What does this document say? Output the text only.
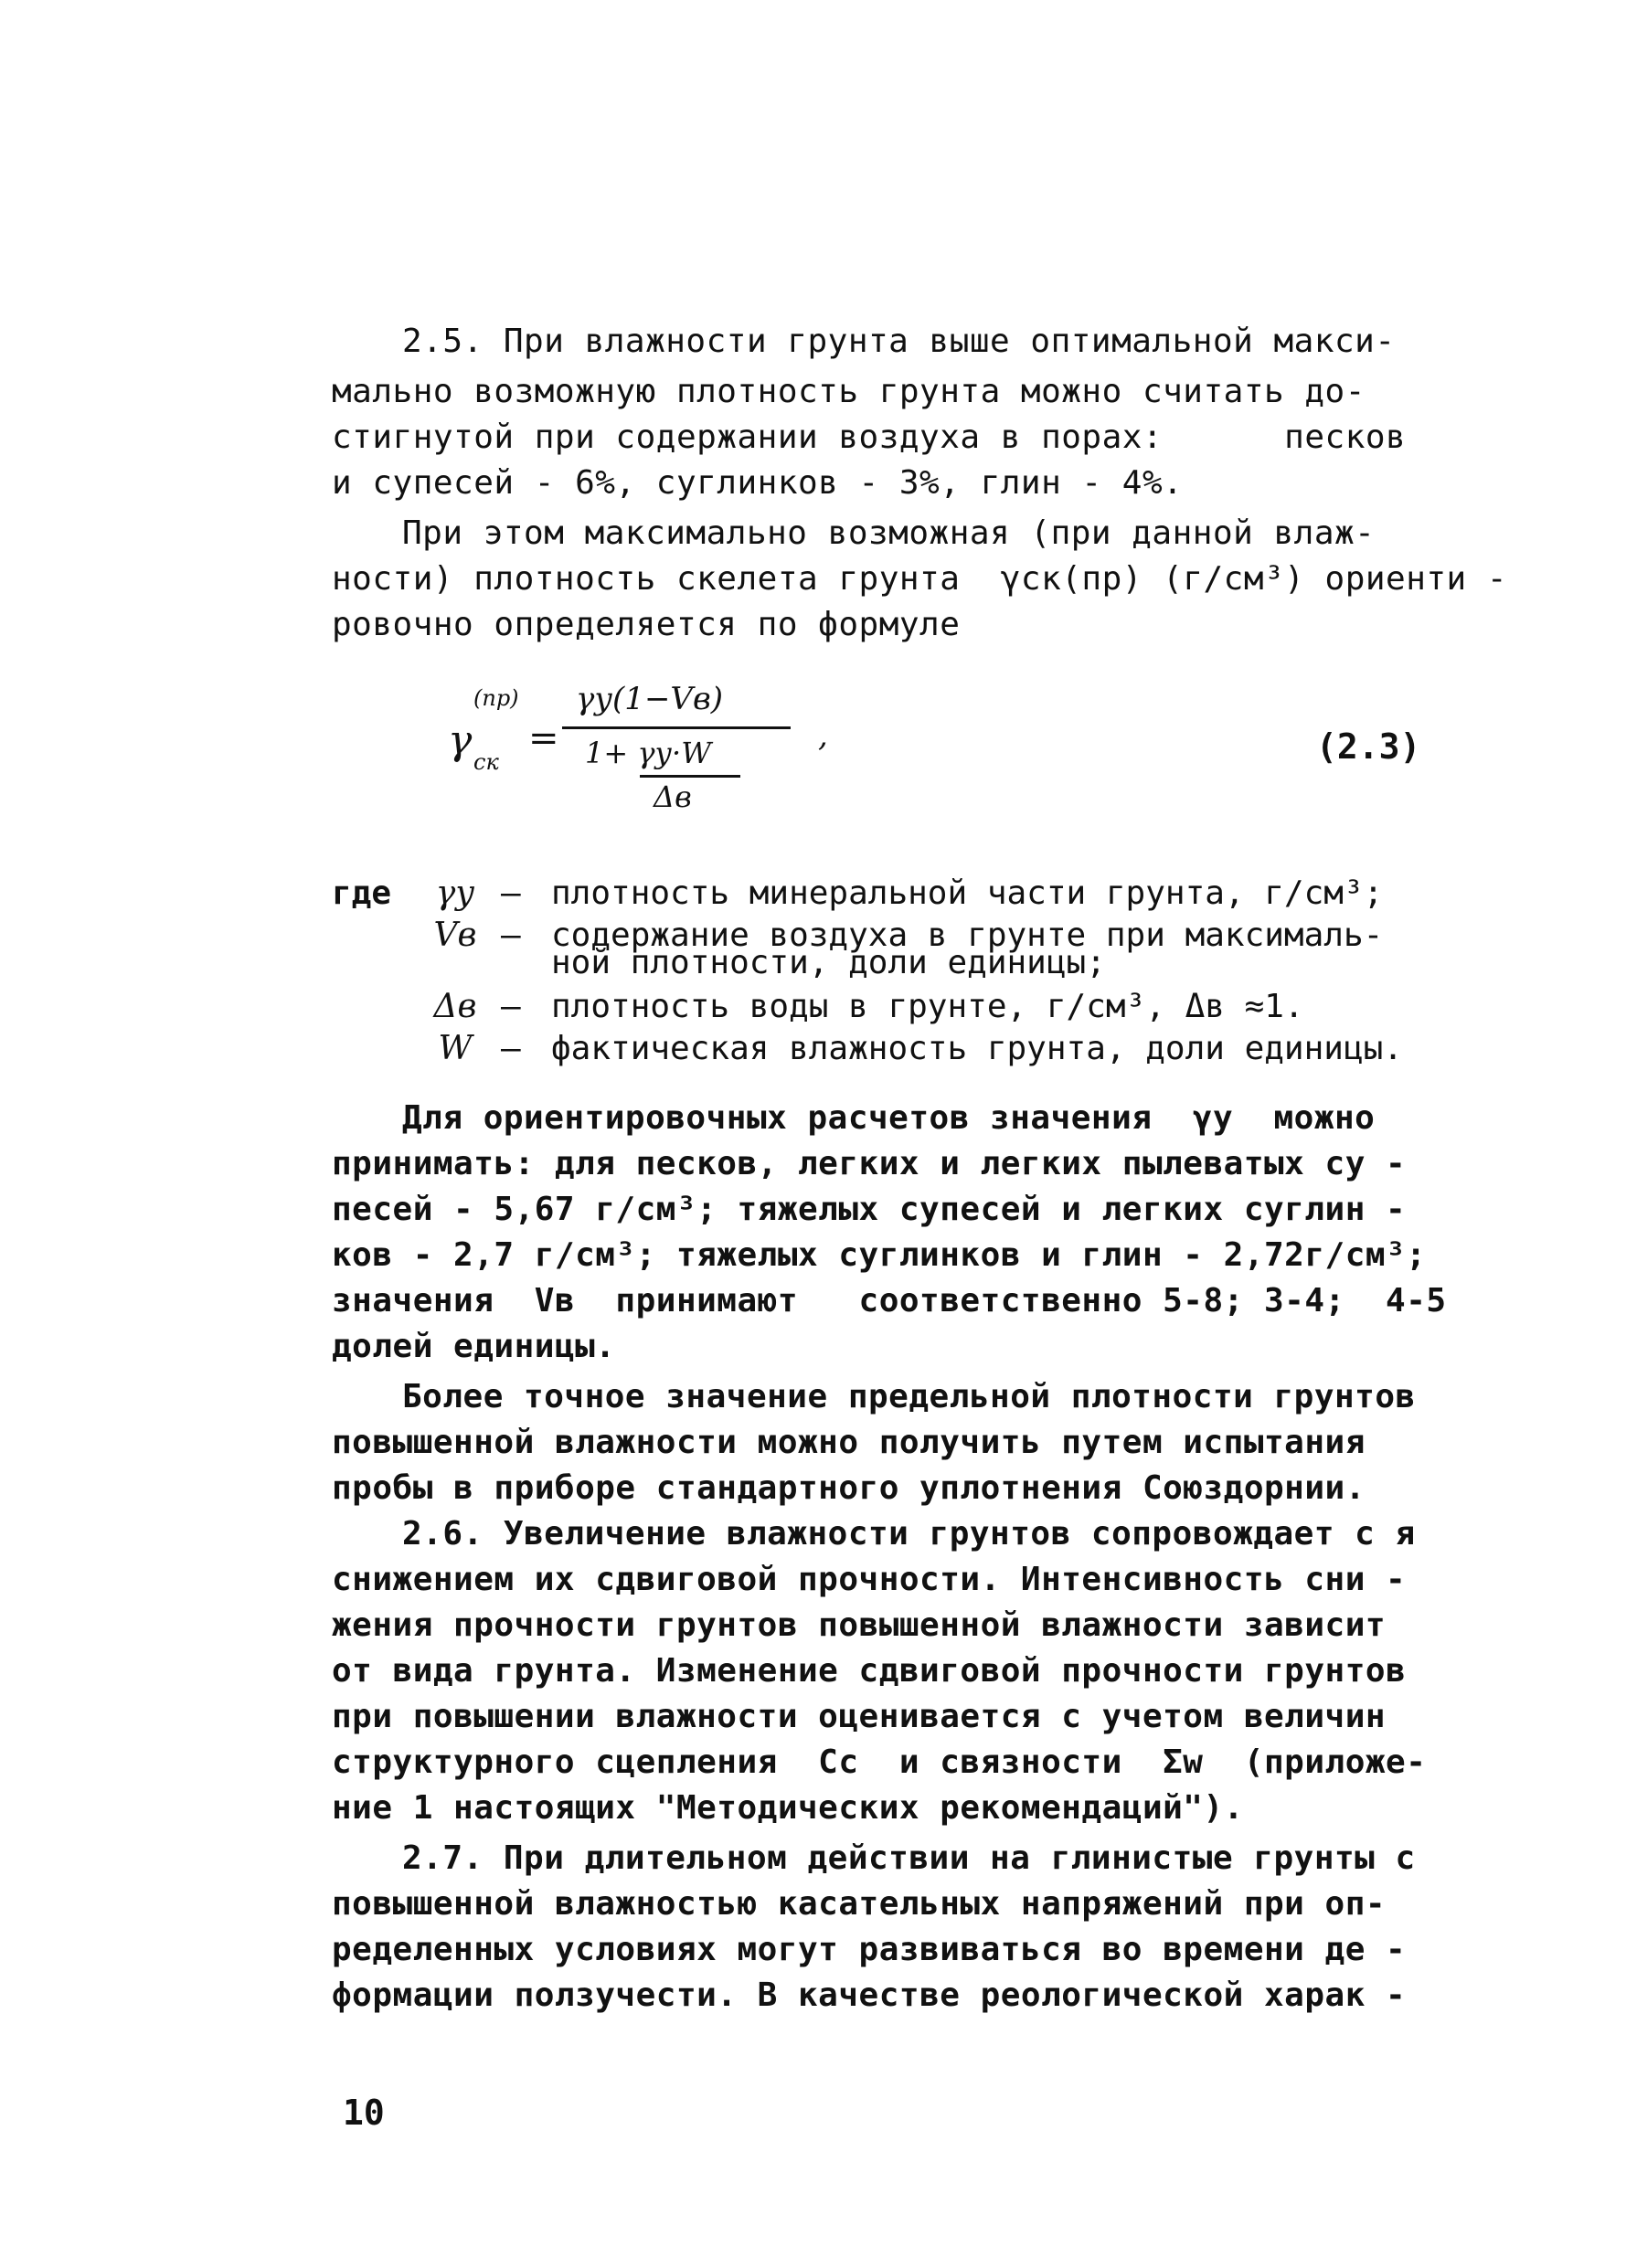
2.5. При влажности грунта выше оптимальной макси-
мально возможную плотность грунта можно считать до-
стигнутой при содержании воздуха в порах:      песков
и супесей - 6%, суглинков - 3%, глин - 4%.
При этом максимально возможная (при данной влаж-
ности) плотность скелета грунта  γск(пр) (г/см³) ориенти -
ровочно определяется по формуле
γ
(пр)
ск
=
γу(1−Vв)
1+ γу·W
Δв
,	(2.3)
где	γу – плотность минеральной части грунта, г/см³;
Vв – содержание воздуха в грунте при максималь-
ной плотности, доли единицы;
Δв – плотность воды в грунте, г/см³, Δв ≈1.
W – фактическая влажность грунта, доли единицы.
Для ориентировочных расчетов значения  γу  можно
принимать: для песков, легких и легких пылеватых су -
песей - 5,67 г/см³; тяжелых супесей и легких суглин -
ков - 2,7 г/см³; тяжелых суглинков и глин - 2,72г/см³;
значения  Vв  принимают   соответственно 5-8; 3-4;  4-5
долей единицы.
Более точное значение предельной плотности грунтов
повышенной влажности можно получить путем испытания
пробы в приборе стандартного уплотнения Союздорнии.
2.6. Увеличение влажности грунтов сопровождает с я
снижением их сдвиговой прочности. Интенсивность сни -
жения прочности грунтов повышенной влажности зависит
от вида грунта. Изменение сдвиговой прочности грунтов
при повышении влажности оценивается с учетом величин
структурного сцепления  Cс  и связности  Σw  (приложе-
ние 1 настоящих "Методических рекомендаций").
2.7. При длительном действии на глинистые грунты с
повышенной влажностью касательных напряжений при оп-
ределенных условиях могут развиваться во времени де -
формации ползучести. В качестве реологической харак -
10
